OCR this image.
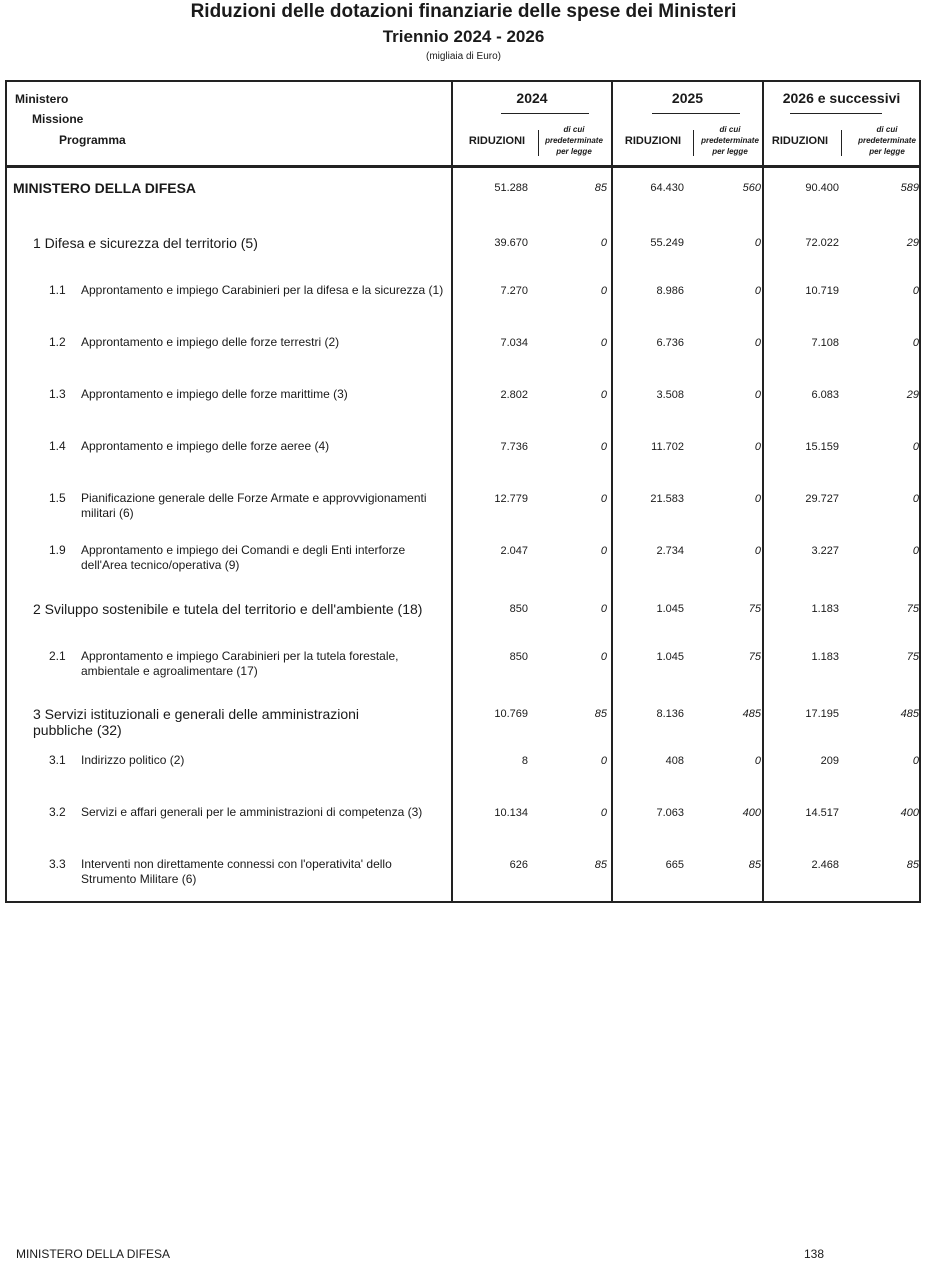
Riduzioni delle dotazioni finanziarie delle spese dei Ministeri
Triennio 2024 - 2026
(migliaia di Euro)
Ministero
Missione
Programma
2024	2025	2026 e successivi
RIDUZIONI
di cui
predeterminate
per legge
RIDUZIONI
di cui
predeterminate
per legge
RIDUZIONI
di cui
predeterminate
per legge
MINISTERO DELLA DIFESA	51.288	85	64.430	560	90.400	589
1 Difesa e sicurezza del territorio (5)	39.670	0	55.249	0	72.022	29
1.1 Approntamento e impiego Carabinieri per la difesa e la sicurezza (1)	7.270	0	8.986	0	10.719	0
1.2 Approntamento e impiego delle forze terrestri (2)	7.034	0	6.736	0	7.108	0
1.3 Approntamento e impiego delle forze marittime (3)	2.802	0	3.508	0	6.083	29
1.4 Approntamento e impiego delle forze aeree (4)	7.736	0	11.702	0	15.159	0
1.5 Pianificazione generale delle Forze Armate e approvvigionamenti militari (6)
12.779	0	21.583	0	29.727	0
1.9 Approntamento e impiego dei Comandi e degli Enti interforze dell'Area tecnico/operativa (9)
2.047	0	2.734	0	3.227	0
2 Sviluppo sostenibile e tutela del territorio e dell'ambiente (18)	850	0	1.045	75	1.183	75
2.1 Approntamento e impiego Carabinieri per la tutela forestale, ambientale e agroalimentare (17)
850	0	1.045	75	1.183	75
3 Servizi istituzionali e generali delle amministrazioni pubbliche (32)
10.769	85	8.136	485	17.195	485
3.1 Indirizzo politico (2)	8	0	408	0	209	0
3.2 Servizi e affari generali per le amministrazioni di competenza (3)	10.134	0	7.063	400	14.517	400
3.3 Interventi non direttamente connessi con l'operativita' dello Strumento Militare (6)
626	85	665	85	2.468	85
MINISTERO DELLA DIFESA	138
